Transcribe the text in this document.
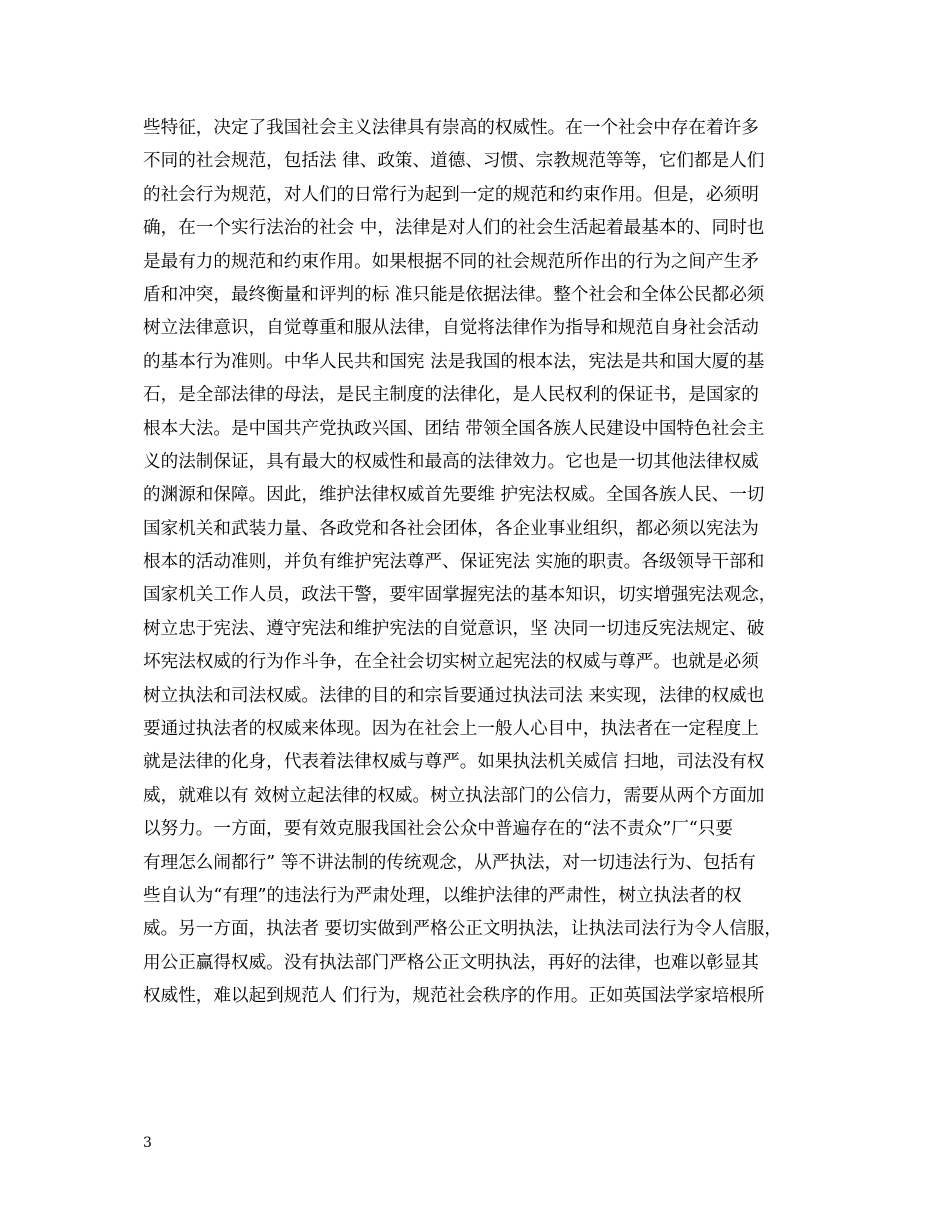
些特征，决定了我国社会主义法律具有崇高的权威性。在一个社会中存在着许多
不同的社会规范，包括法 律、政策、道德、习惯、宗教规范等等，它们都是人们
的社会行为规范，对人们的日常行为起到一定的规范和约束作用。但是，必须明
确，在一个实行法治的社会 中，法律是对人们的社会生活起着最基本的、同时也
是最有力的规范和约束作用。如果根据不同的社会规范所作出的行为之间产生矛
盾和冲突，最终衡量和评判的标 准只能是依据法律。整个社会和全体公民都必须
树立法律意识，自觉尊重和服从法律，自觉将法律作为指导和规范自身社会活动
的基本行为准则。中华人民共和国宪 法是我国的根本法，宪法是共和国大厦的基
石，是全部法律的母法，是民主制度的法律化，是人民权利的保证书，是国家的
根本大法。是中国共产党执政兴国、团结 带领全国各族人民建设中国特色社会主
义的法制保证，具有最大的权威性和最高的法律效力。它也是一切其他法律权威
的渊源和保障。因此，维护法律权威首先要维 护宪法权威。全国各族人民、一切
国家机关和武装力量、各政党和各社会团体，各企业事业组织，都必须以宪法为
根本的活动准则，并负有维护宪法尊严、保证宪法 实施的职责。各级领导干部和
国家机关工作人员，政法干警，要牢固掌握宪法的基本知识，切实增强宪法观念，
树立忠于宪法、遵守宪法和维护宪法的自觉意识，坚 决同一切违反宪法规定、破
坏宪法权威的行为作斗争，在全社会切实树立起宪法的权威与尊严。也就是必须
树立执法和司法权威。法律的目的和宗旨要通过执法司法 来实现，法律的权威也
要通过执法者的权威来体现。因为在社会上一般人心目中，执法者在一定程度上
就是法律的化身，代表着法律权威与尊严。如果执法机关威信 扫地，司法没有权
威，就难以有 效树立起法律的权威。树立执法部门的公信力，需要从两个方面加
以努力。一方面，要有效克服我国社会公众中普遍存在的“法不责众”厂“只要
有理怎么闹都行” 等不讲法制的传统观念，从严执法，对一切违法行为、包括有
些自认为“有理”的违法行为严肃处理，以维护法律的严肃性，树立执法者的权
威。另一方面，执法者 要切实做到严格公正文明执法，让执法司法行为令人信服，
用公正赢得权威。没有执法部门严格公正文明执法，再好的法律，也难以彰显其
权威性，难以起到规范人 们行为，规范社会秩序的作用。正如英国法学家培根所
3
